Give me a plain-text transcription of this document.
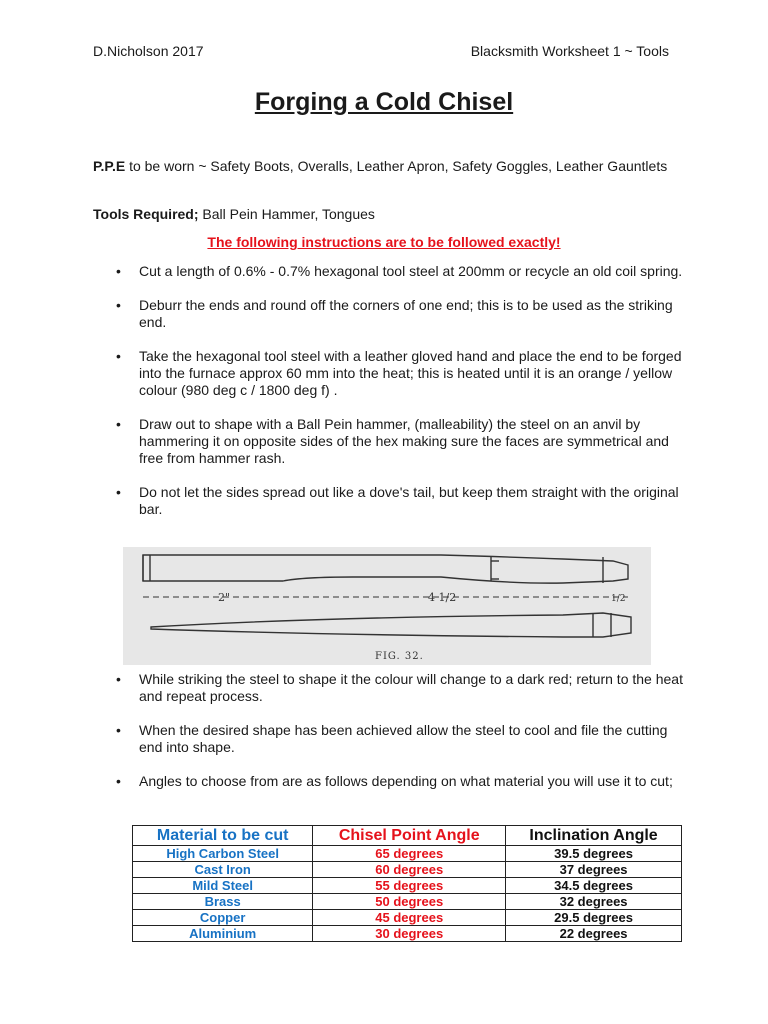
D.Nicholson 2017	Blacksmith Worksheet 1 ~ Tools
Forging a Cold Chisel
P.P.E to be worn ~ Safety Boots, Overalls, Leather Apron, Safety Goggles, Leather Gauntlets
Tools Required; Ball Pein Hammer, Tongues
The following instructions are to be followed exactly!
• Cut a length of 0.6% - 0.7% hexagonal tool steel at 200mm or recycle an old coil spring.
• Deburr the ends and round off the corners of one end; this is to be used as the striking end.
• Take the hexagonal tool steel with a leather gloved hand and place the end to be forged into the furnace approx 60 mm into the heat; this is heated until it is an orange / yellow colour (980 deg c / 1800 deg f) .
• Draw out to shape with a Ball Pein hammer, (malleability) the steel on an anvil by hammering it on opposite sides of the hex making sure the faces are symmetrical and free from hammer rash.
• Do not let the sides spread out like a dove's tail, but keep them straight with the original bar.
2"	4 1/2	1/2
FIG. 32.
• While striking the steel to shape it the colour will change to a dark red; return to the heat and repeat process.
• When the desired shape has been achieved allow the steel to cool and file the cutting end into shape.
• Angles to choose from are as follows depending on what material you will use it to cut;
Material to be cut	Chisel Point Angle	Inclination Angle
High Carbon Steel	65 degrees	39.5 degrees
Cast Iron	60 degrees	37 degrees
Mild Steel	55 degrees	34.5 degrees
Brass	50 degrees	32 degrees
Copper	45 degrees	29.5 degrees
Aluminium	30 degrees	22 degrees
